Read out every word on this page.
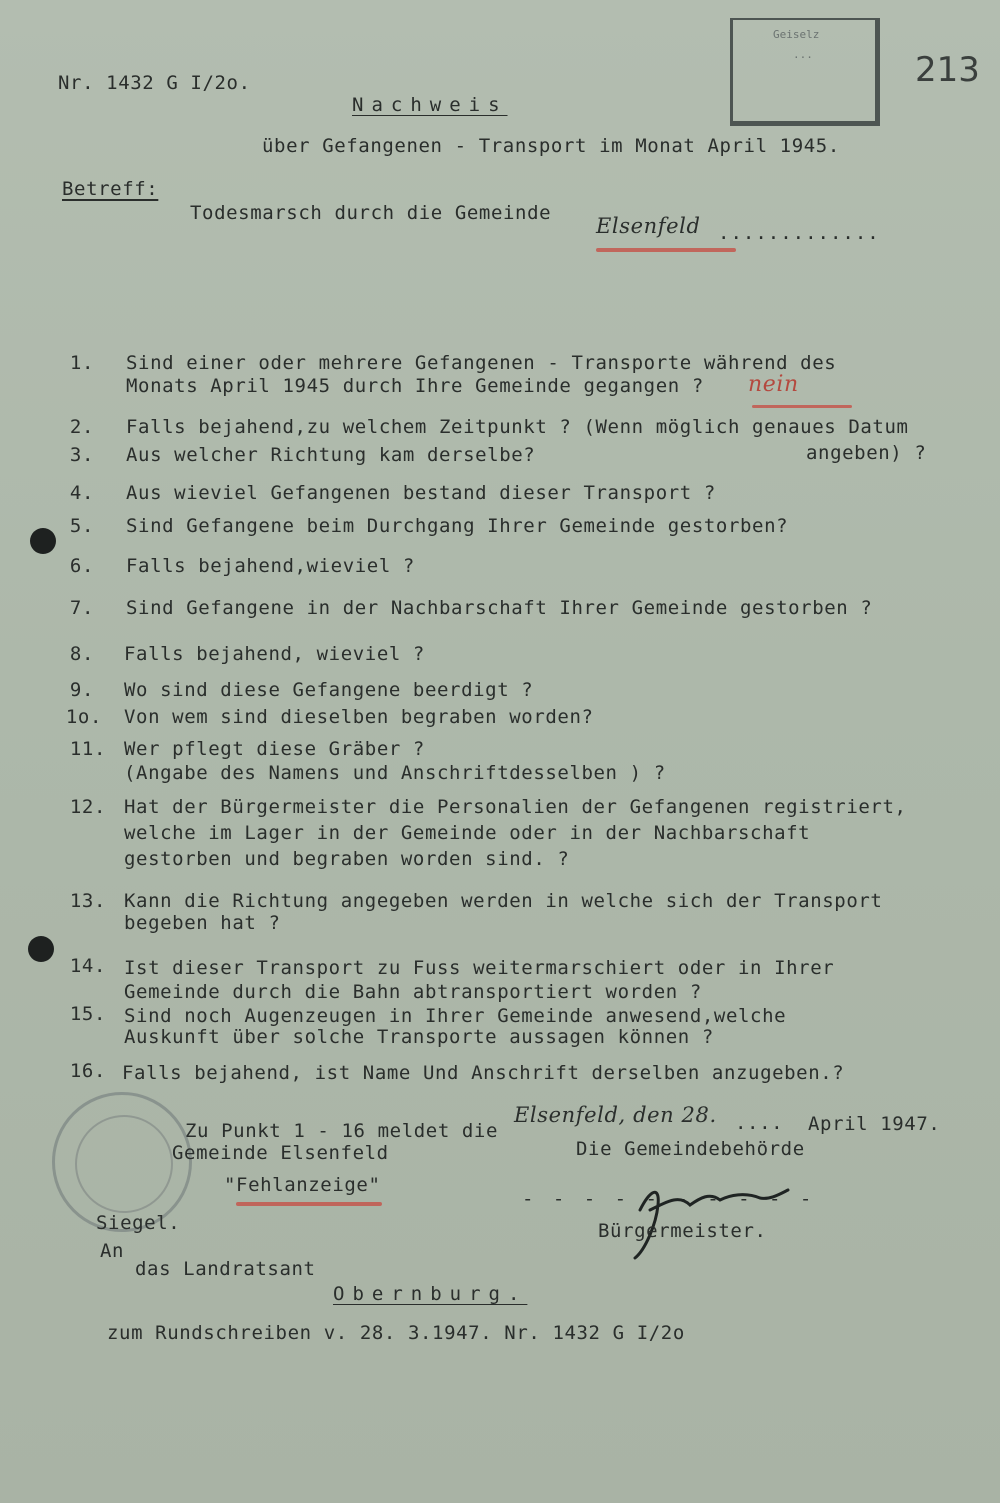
Geiselz
...	213
Nr. 1432 G I/2o.
Nachweis
über Gefangenen - Transport im Monat April 1945.
Betreff:
Todesmarsch durch die Gemeinde
Elsenfeld .............
1. Sind einer oder mehrere Gefangenen - Transporte während des
Monats April 1945 durch Ihre Gemeinde gegangen ? nein
2. Falls bejahend,zu welchem Zeitpunkt ? (Wenn möglich genaues Datum
angeben) ?
3. Aus welcher Richtung kam derselbe?
4. Aus wieviel Gefangenen bestand dieser Transport ?
5. Sind Gefangene beim Durchgang Ihrer Gemeinde gestorben?
6. Falls bejahend,wieviel ?
7. Sind Gefangene in der Nachbarschaft Ihrer Gemeinde gestorben ?
8. Falls bejahend, wieviel ?
9. Wo sind diese Gefangene beerdigt ?
1o. Von wem sind dieselben begraben worden?
11. Wer pflegt diese Gräber ?
(Angabe des Namens und Anschriftdesselben ) ?
12. Hat der Bürgermeister die Personalien der Gefangenen registriert,
welche im Lager in der Gemeinde oder in der Nachbarschaft
gestorben und begraben worden sind. ?
13. Kann die Richtung angegeben werden in welche sich der Transport
begeben hat ?
14. Ist dieser Transport zu Fuss weitermarschiert oder in Ihrer
Gemeinde durch die Bahn abtransportiert worden ?
15. Sind noch Augenzeugen in Ihrer Gemeinde anwesend,welche
Auskunft über solche Transporte aussagen können ?
16. Falls bejahend, ist Name Und Anschrift derselben anzugeben.?
Zu Punkt 1 - 16 meldet die
Elsenfeld, den 28. .... April 1947.
Gemeinde Elsenfeld	Die Gemeindebehörde
"Fehlanzeige"
- - - - - - - - - -
Bürgermeister.
Siegel.
An
das Landratsant
Obernburg.
zum Rundschreiben v. 28. 3.1947. Nr. 1432 G I/2o
